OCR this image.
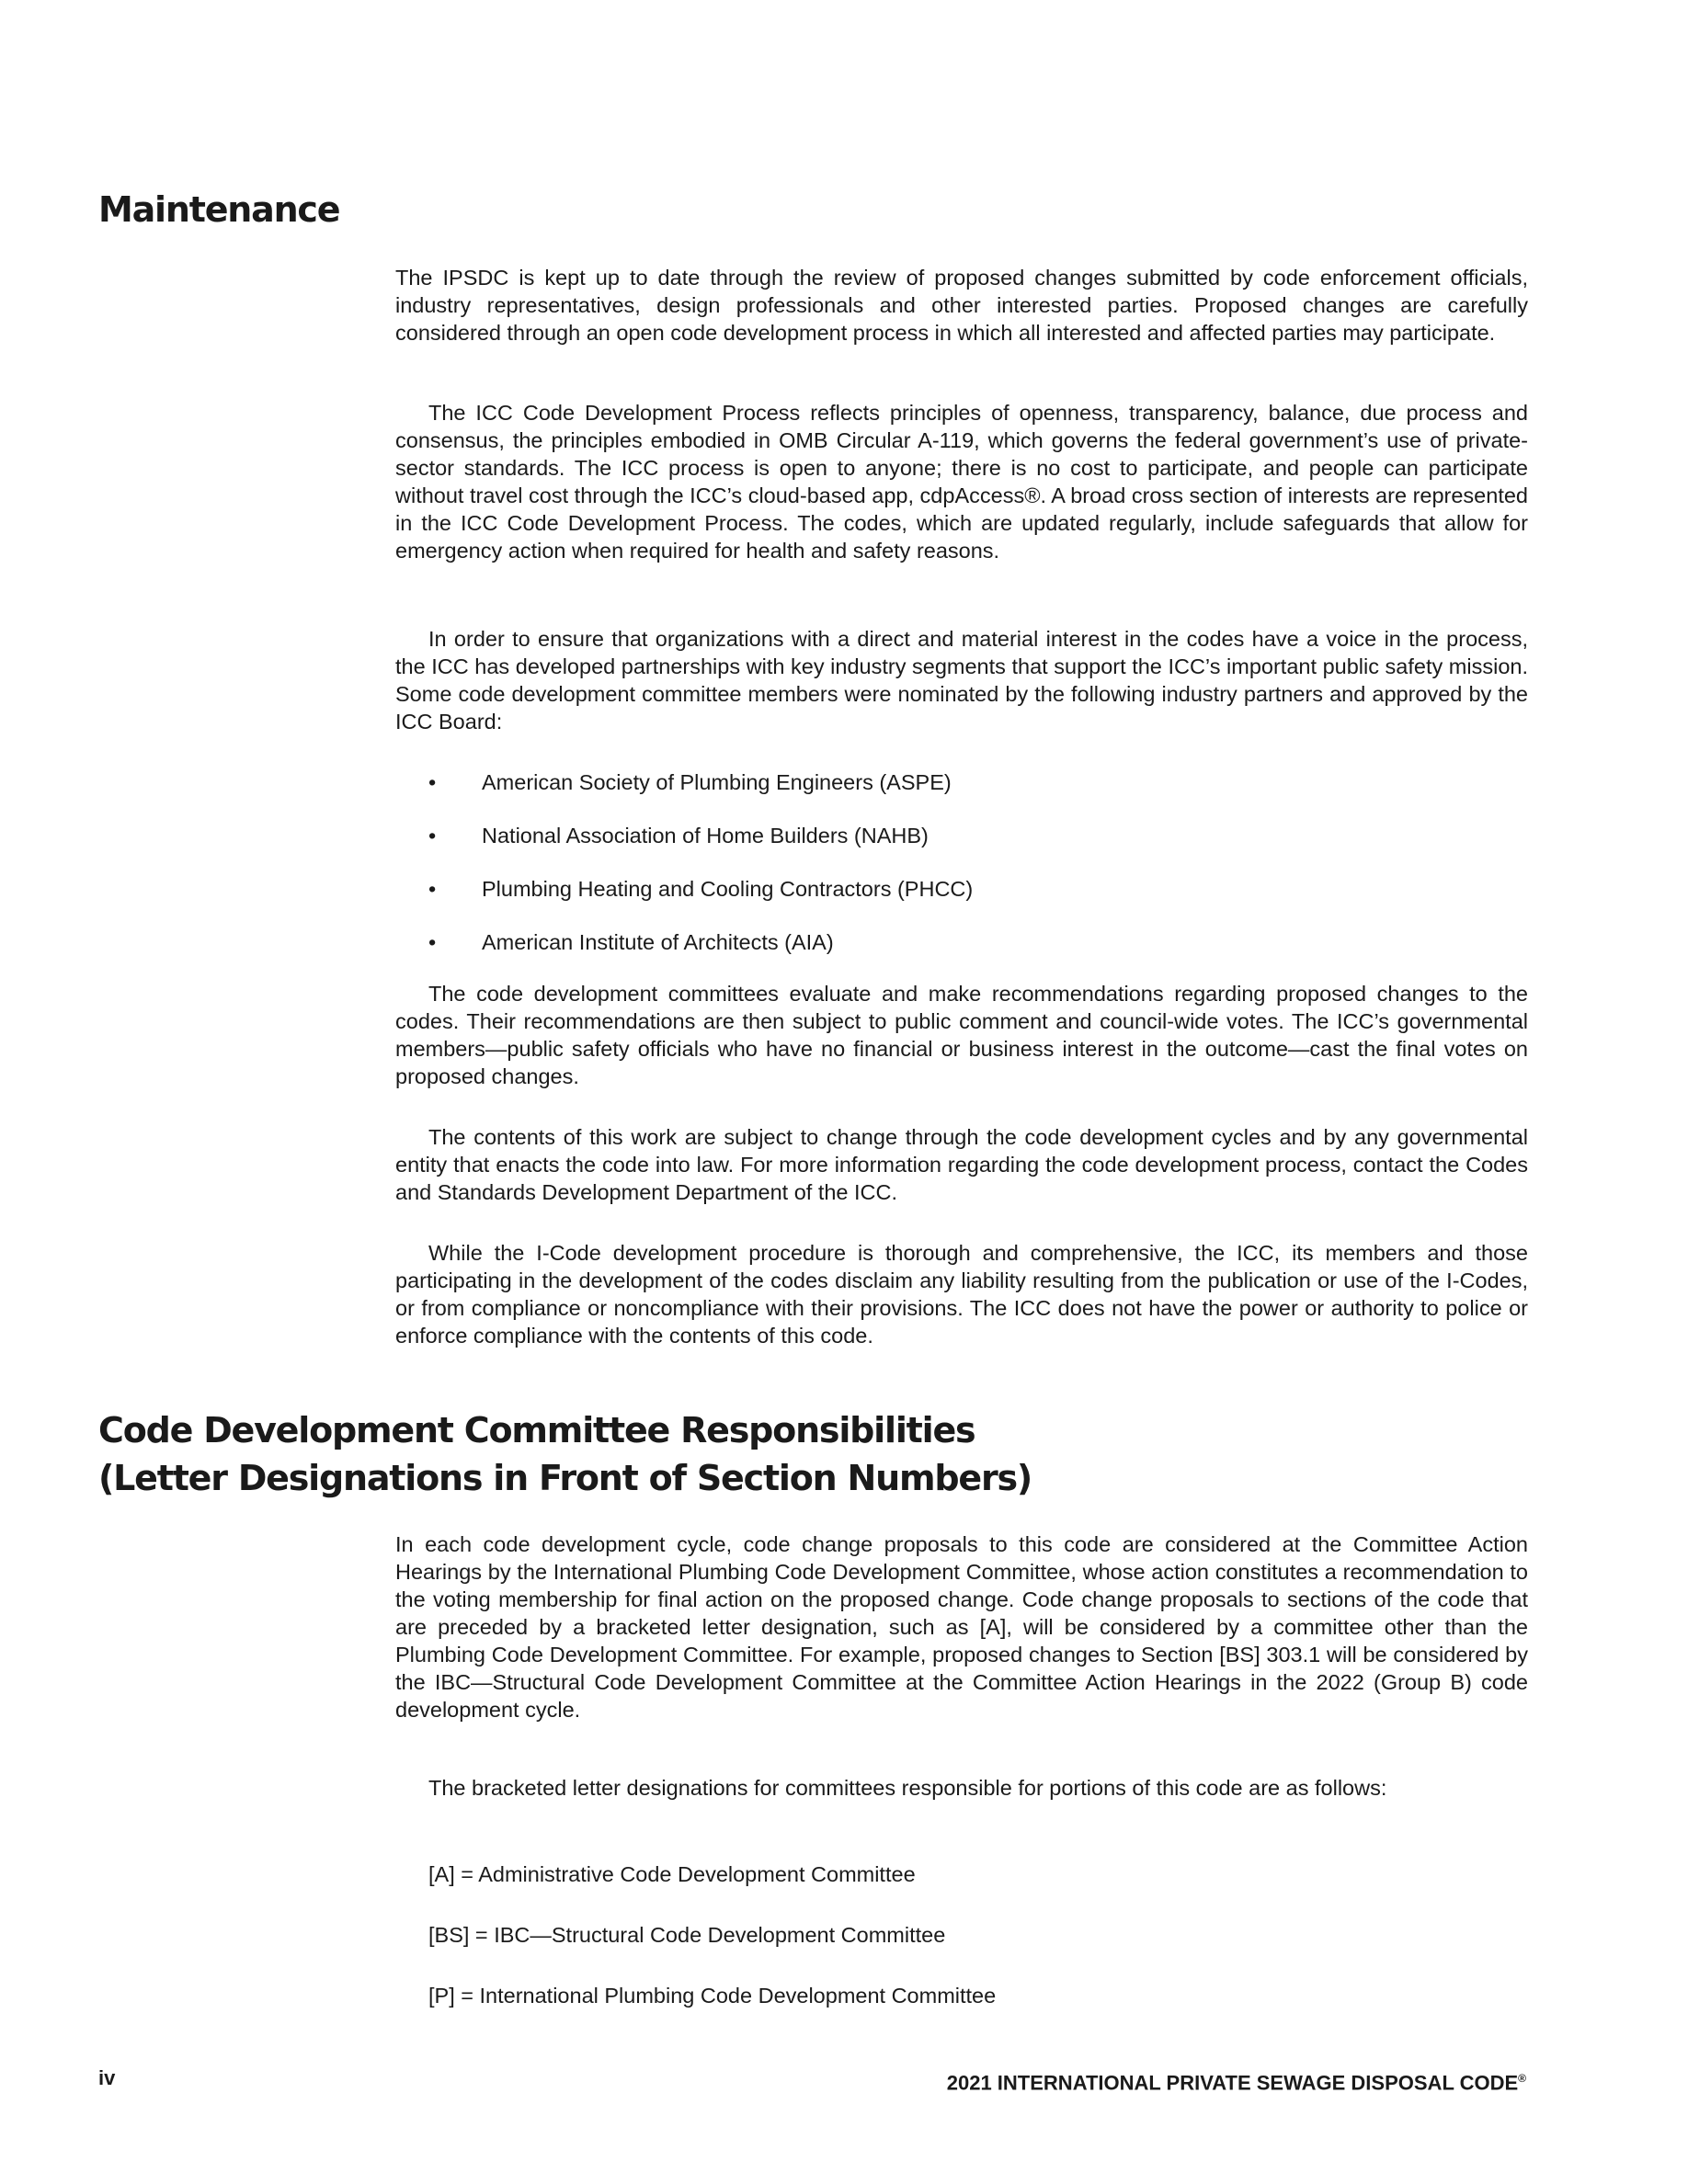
Maintenance

The IPSDC is kept up to date through the review of proposed changes submitted by code enforcement officials, industry representatives, design professionals and other interested parties. Proposed changes are carefully considered through an open code development process in which all interested and affected parties may participate.

The ICC Code Development Process reflects principles of openness, transparency, balance, due process and consensus, the principles embodied in OMB Circular A-119, which governs the federal government’s use of private-sector standards. The ICC process is open to anyone; there is no cost to participate, and people can participate without travel cost through the ICC’s cloud-based app, cdpAccess®. A broad cross section of interests are represented in the ICC Code Development Process. The codes, which are updated regularly, include safeguards that allow for emergency action when required for health and safety reasons.

In order to ensure that organizations with a direct and material interest in the codes have a voice in the process, the ICC has developed partnerships with key industry segments that support the ICC’s important public safety mission. Some code development committee members were nominated by the following industry partners and approved by the ICC Board:

• American Society of Plumbing Engineers (ASPE)
• National Association of Home Builders (NAHB)
• Plumbing Heating and Cooling Contractors (PHCC)
• American Institute of Architects (AIA)

The code development committees evaluate and make recommendations regarding proposed changes to the codes. Their recommendations are then subject to public comment and council-wide votes. The ICC’s governmental members—public safety officials who have no financial or business interest in the outcome—cast the final votes on proposed changes.

The contents of this work are subject to change through the code development cycles and by any governmental entity that enacts the code into law. For more information regarding the code development process, contact the Codes and Standards Development Department of the ICC.

While the I-Code development procedure is thorough and comprehensive, the ICC, its members and those participating in the development of the codes disclaim any liability resulting from the publication or use of the I-Codes, or from compliance or noncompliance with their provisions. The ICC does not have the power or authority to police or enforce compliance with the contents of this code.

Code Development Committee Responsibilities
(Letter Designations in Front of Section Numbers)

In each code development cycle, code change proposals to this code are considered at the Committee Action Hearings by the International Plumbing Code Development Committee, whose action constitutes a recommendation to the voting membership for final action on the proposed change. Code change proposals to sections of the code that are preceded by a bracketed letter designation, such as [A], will be considered by a committee other than the Plumbing Code Development Committee. For example, proposed changes to Section [BS] 303.1 will be considered by the IBC—Structural Code Development Committee at the Committee Action Hearings in the 2022 (Group B) code development cycle.

The bracketed letter designations for committees responsible for portions of this code are as follows:

[A] = Administrative Code Development Committee
[BS] = IBC—Structural Code Development Committee
[P] = International Plumbing Code Development Committee
iv	2021 INTERNATIONAL PRIVATE SEWAGE DISPOSAL CODE®
